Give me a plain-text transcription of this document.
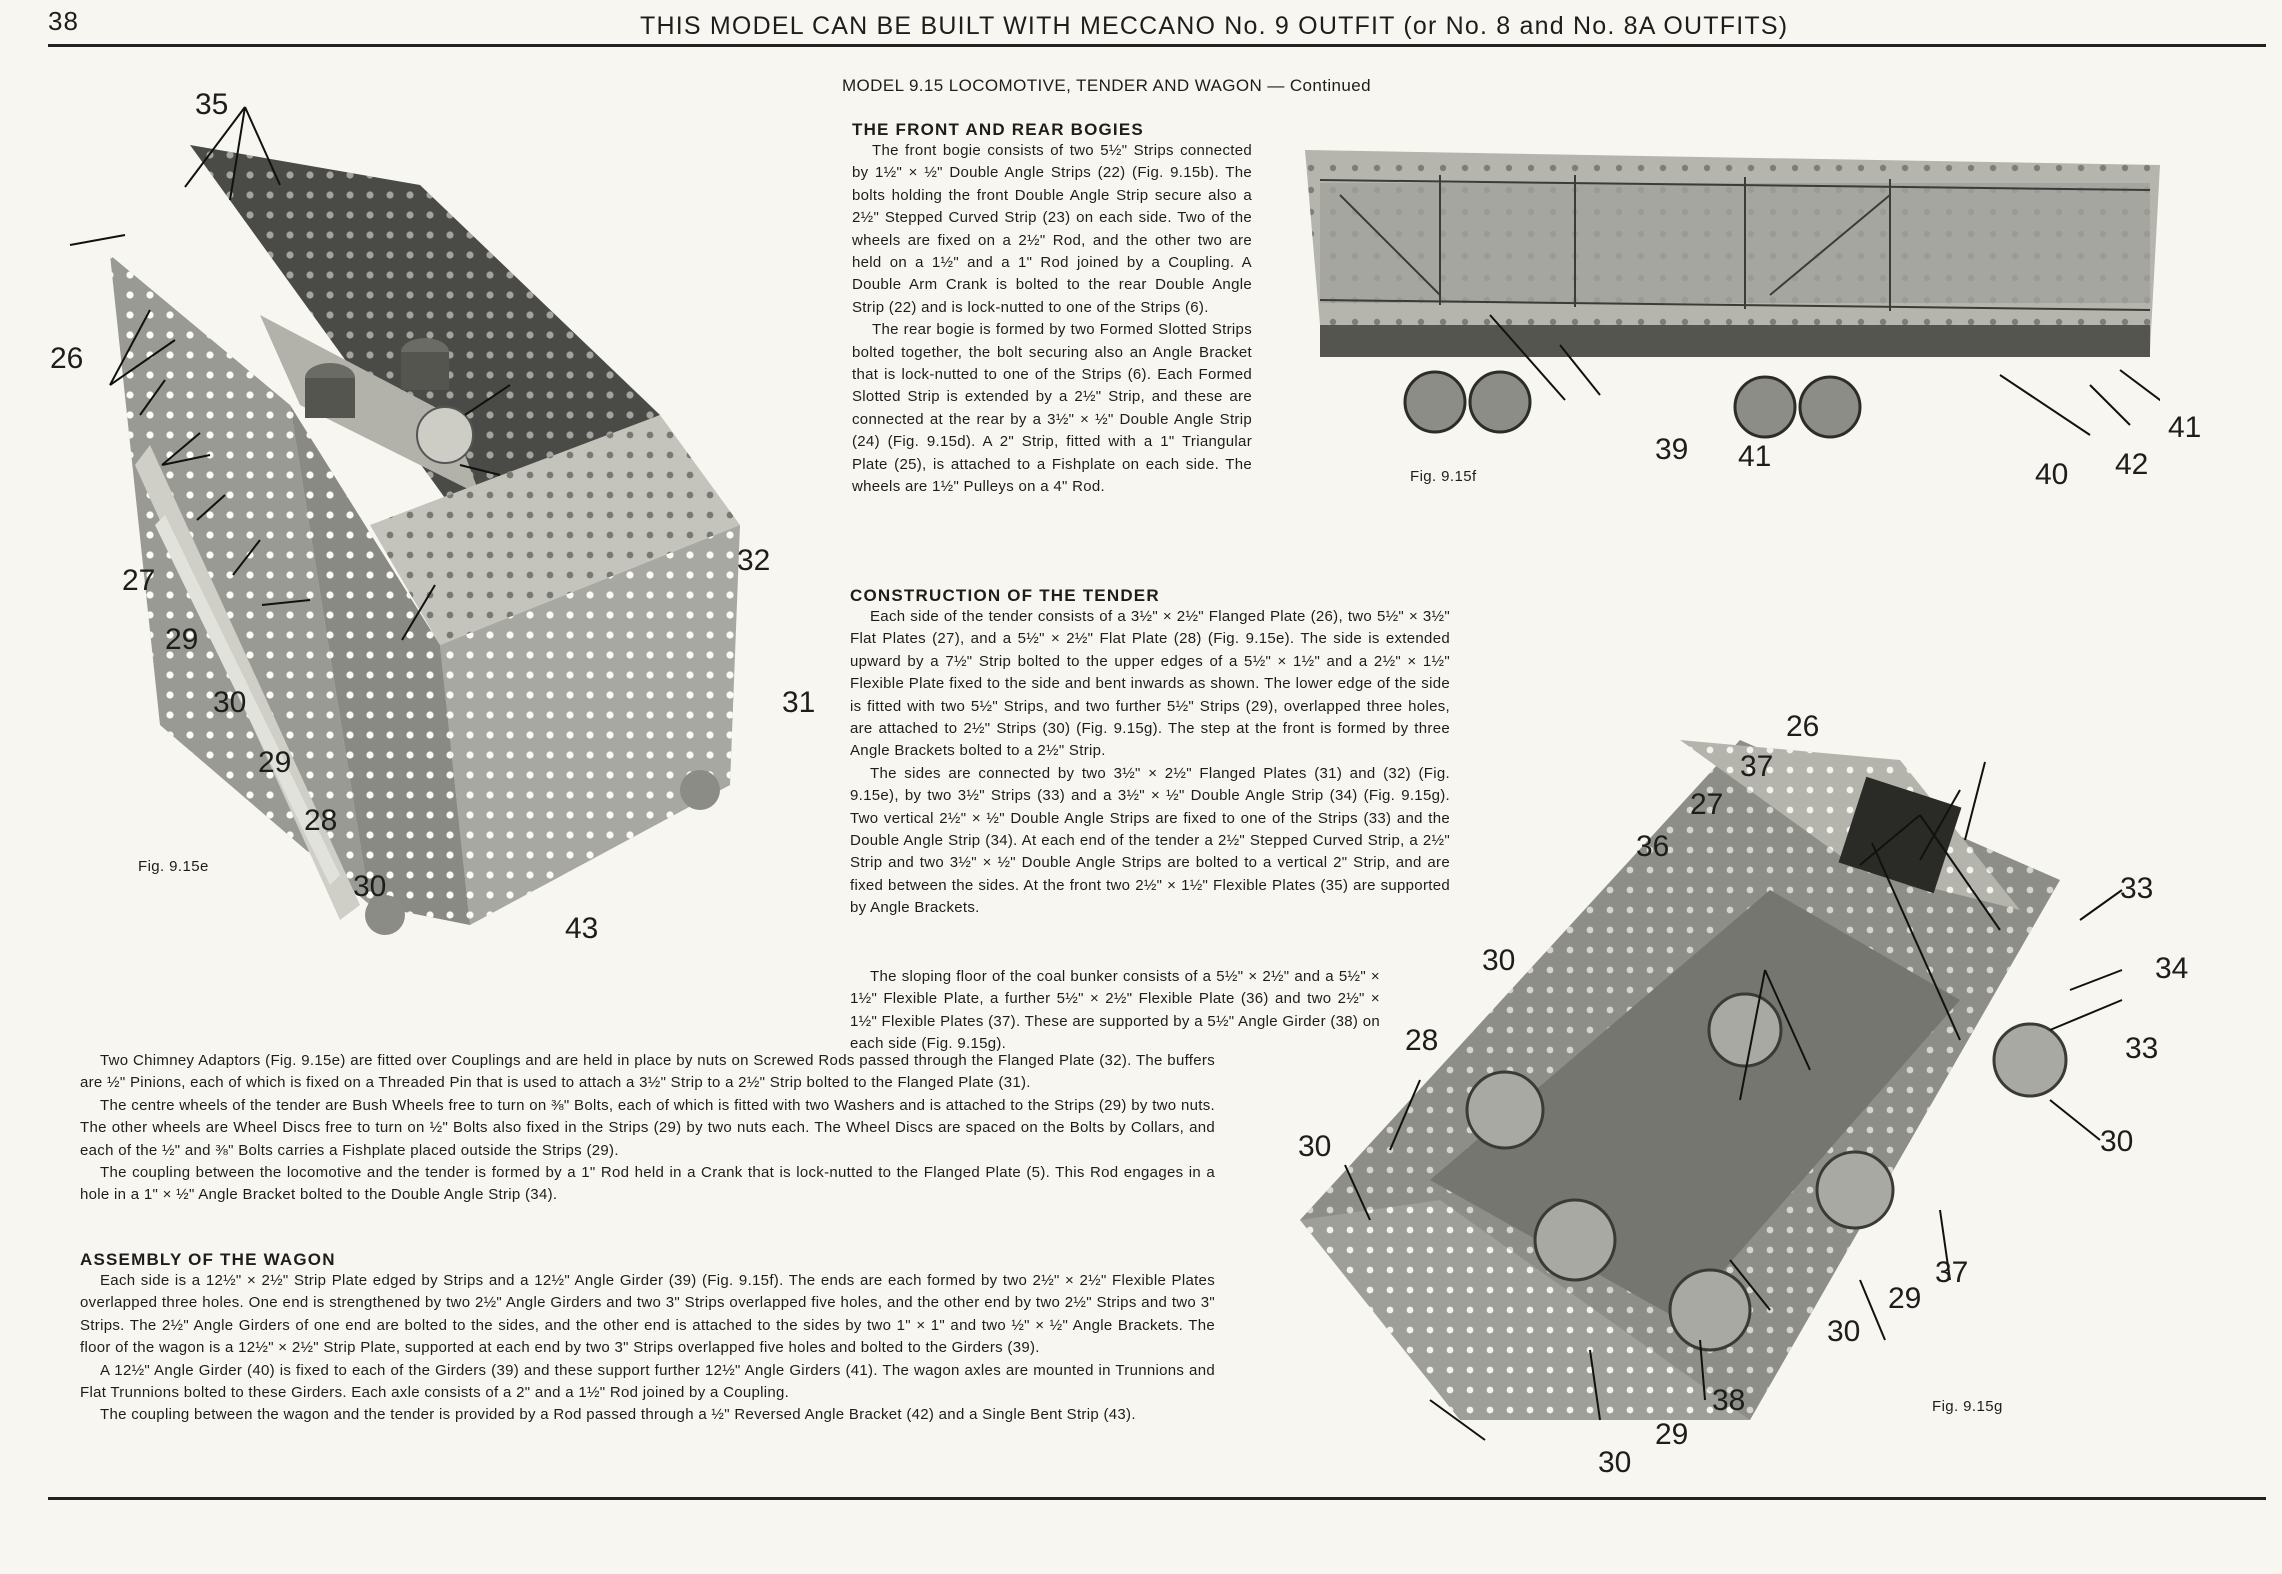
38	THIS MODEL CAN BE BUILT WITH MECCANO No. 9 OUTFIT (or No. 8 and No. 8A OUTFITS)
MODEL 9.15 LOCOMOTIVE, TENDER AND WAGON — Continued
THE FRONT AND REAR BOGIES

The front bogie consists of two 5½" Strips connected by 1½" × ½" Double Angle Strips (22) (Fig. 9.15b). The bolts holding the front Double Angle Strip secure also a 2½" Stepped Curved Strip (23) on each side. Two of the wheels are fixed on a 2½" Rod, and the other two are held on a 1½" and a 1" Rod joined by a Coupling. A Double Arm Crank is bolted to the rear Double Angle Strip (22) and is lock-nutted to one of the Strips (6).

The rear bogie is formed by two Formed Slotted Strips bolted together, the bolt securing also an Angle Bracket that is lock-nutted to one of the Strips (6). Each Formed Slotted Strip is extended by a 2½" Strip, and these are connected at the rear by a 3½" × ½" Double Angle Strip (24) (Fig. 9.15d). A 2" Strip, fitted with a 1" Triangular Plate (25), is attached to a Fishplate on each side. The wheels are 1½" Pulleys on a 4" Rod.

CONSTRUCTION OF THE TENDER

Each side of the tender consists of a 3½" × 2½" Flanged Plate (26), two 5½" × 3½" Flat Plates (27), and a 5½" × 2½" Flat Plate (28) (Fig. 9.15e). The side is extended upward by a 7½" Strip bolted to the upper edges of a 5½" × 1½" and a 2½" × 1½" Flexible Plate fixed to the side and bent inwards as shown. The lower edge of the side is fitted with two 5½" Strips, and two further 5½" Strips (29), overlapped three holes, are attached to 2½" Strips (30) (Fig. 9.15g). The step at the front is formed by three Angle Brackets bolted to a 2½" Strip.

The sides are connected by two 3½" × 2½" Flanged Plates (31) and (32) (Fig. 9.15e), by two 3½" Strips (33) and a 3½" × ½" Double Angle Strip (34) (Fig. 9.15g). Two vertical 2½" × ½" Double Angle Strips are fixed to one of the Strips (33) and the Double Angle Strip (34). At each end of the tender a 2½" Stepped Curved Strip, a 2½" Strip and two 3½" × ½" Double Angle Strips are bolted to a vertical 2" Strip, and are fixed between the sides. At the front two 2½" × 1½" Flexible Plates (35) are supported by Angle Brackets.

The sloping floor of the coal bunker consists of a 5½" × 2½" and a 5½" × 1½" Flexible Plate, a further 5½" × 2½" Flexible Plate (36) and two 2½" × 1½" Flexible Plates (37). These are supported by a 5½" Angle Girder (38) on each side (Fig. 9.15g).

Two Chimney Adaptors (Fig. 9.15e) are fitted over Couplings and are held in place by nuts on Screwed Rods passed through the Flanged Plate (32). The buffers are ½" Pinions, each of which is fixed on a Threaded Pin that is used to attach a 3½" Strip to a 2½" Strip bolted to the Flanged Plate (31).

The centre wheels of the tender are Bush Wheels free to turn on ⅜" Bolts, each of which is fitted with two Washers and is attached to the Strips (29) by two nuts. The other wheels are Wheel Discs free to turn on ½" Bolts also fixed in the Strips (29) by two nuts each. The Wheel Discs are spaced on the Bolts by Collars, and each of the ½" and ⅜" Bolts carries a Fishplate placed outside the Strips (29).

The coupling between the locomotive and the tender is formed by a 1" Rod held in a Crank that is lock-nutted to the Flanged Plate (5). This Rod engages in a hole in a 1" × ½" Angle Bracket bolted to the Double Angle Strip (34).

ASSEMBLY OF THE WAGON

Each side is a 12½" × 2½" Strip Plate edged by Strips and a 12½" Angle Girder (39) (Fig. 9.15f). The ends are each formed by two 2½" × 2½" Flexible Plates overlapped three holes. One end is strengthened by two 2½" Angle Girders and two 3" Strips overlapped five holes, and the other end by two 2½" Strips and two 3" Strips. The 2½" Angle Girders of one end are bolted to the sides, and the other end is attached to the sides by two 1" × 1" and two ½" × ½" Angle Brackets. The floor of the wagon is a 12½" × 2½" Strip Plate, supported at each end by two 3" Strips overlapped five holes and bolted to the Girders (39).

A 12½" Angle Girder (40) is fixed to each of the Girders (39) and these support further 12½" Angle Girders (41). The wagon axles are mounted in Trunnions and Flat Trunnions bolted to these Girders. Each axle consists of a 2" and a 1½" Rod joined by a Coupling.

The coupling between the wagon and the tender is provided by a Rod passed through a ½" Reversed Angle Bracket (42) and a Single Bent Strip (43).

35
26
27
29
30
29
28
30
43
32
31
Fig. 9.15e
39 41
40 42
41
Fig. 9.15f
26
37
27
36
30
28
30
33
34
33
30
37
29
30
38
29
30
Fig. 9.15g
